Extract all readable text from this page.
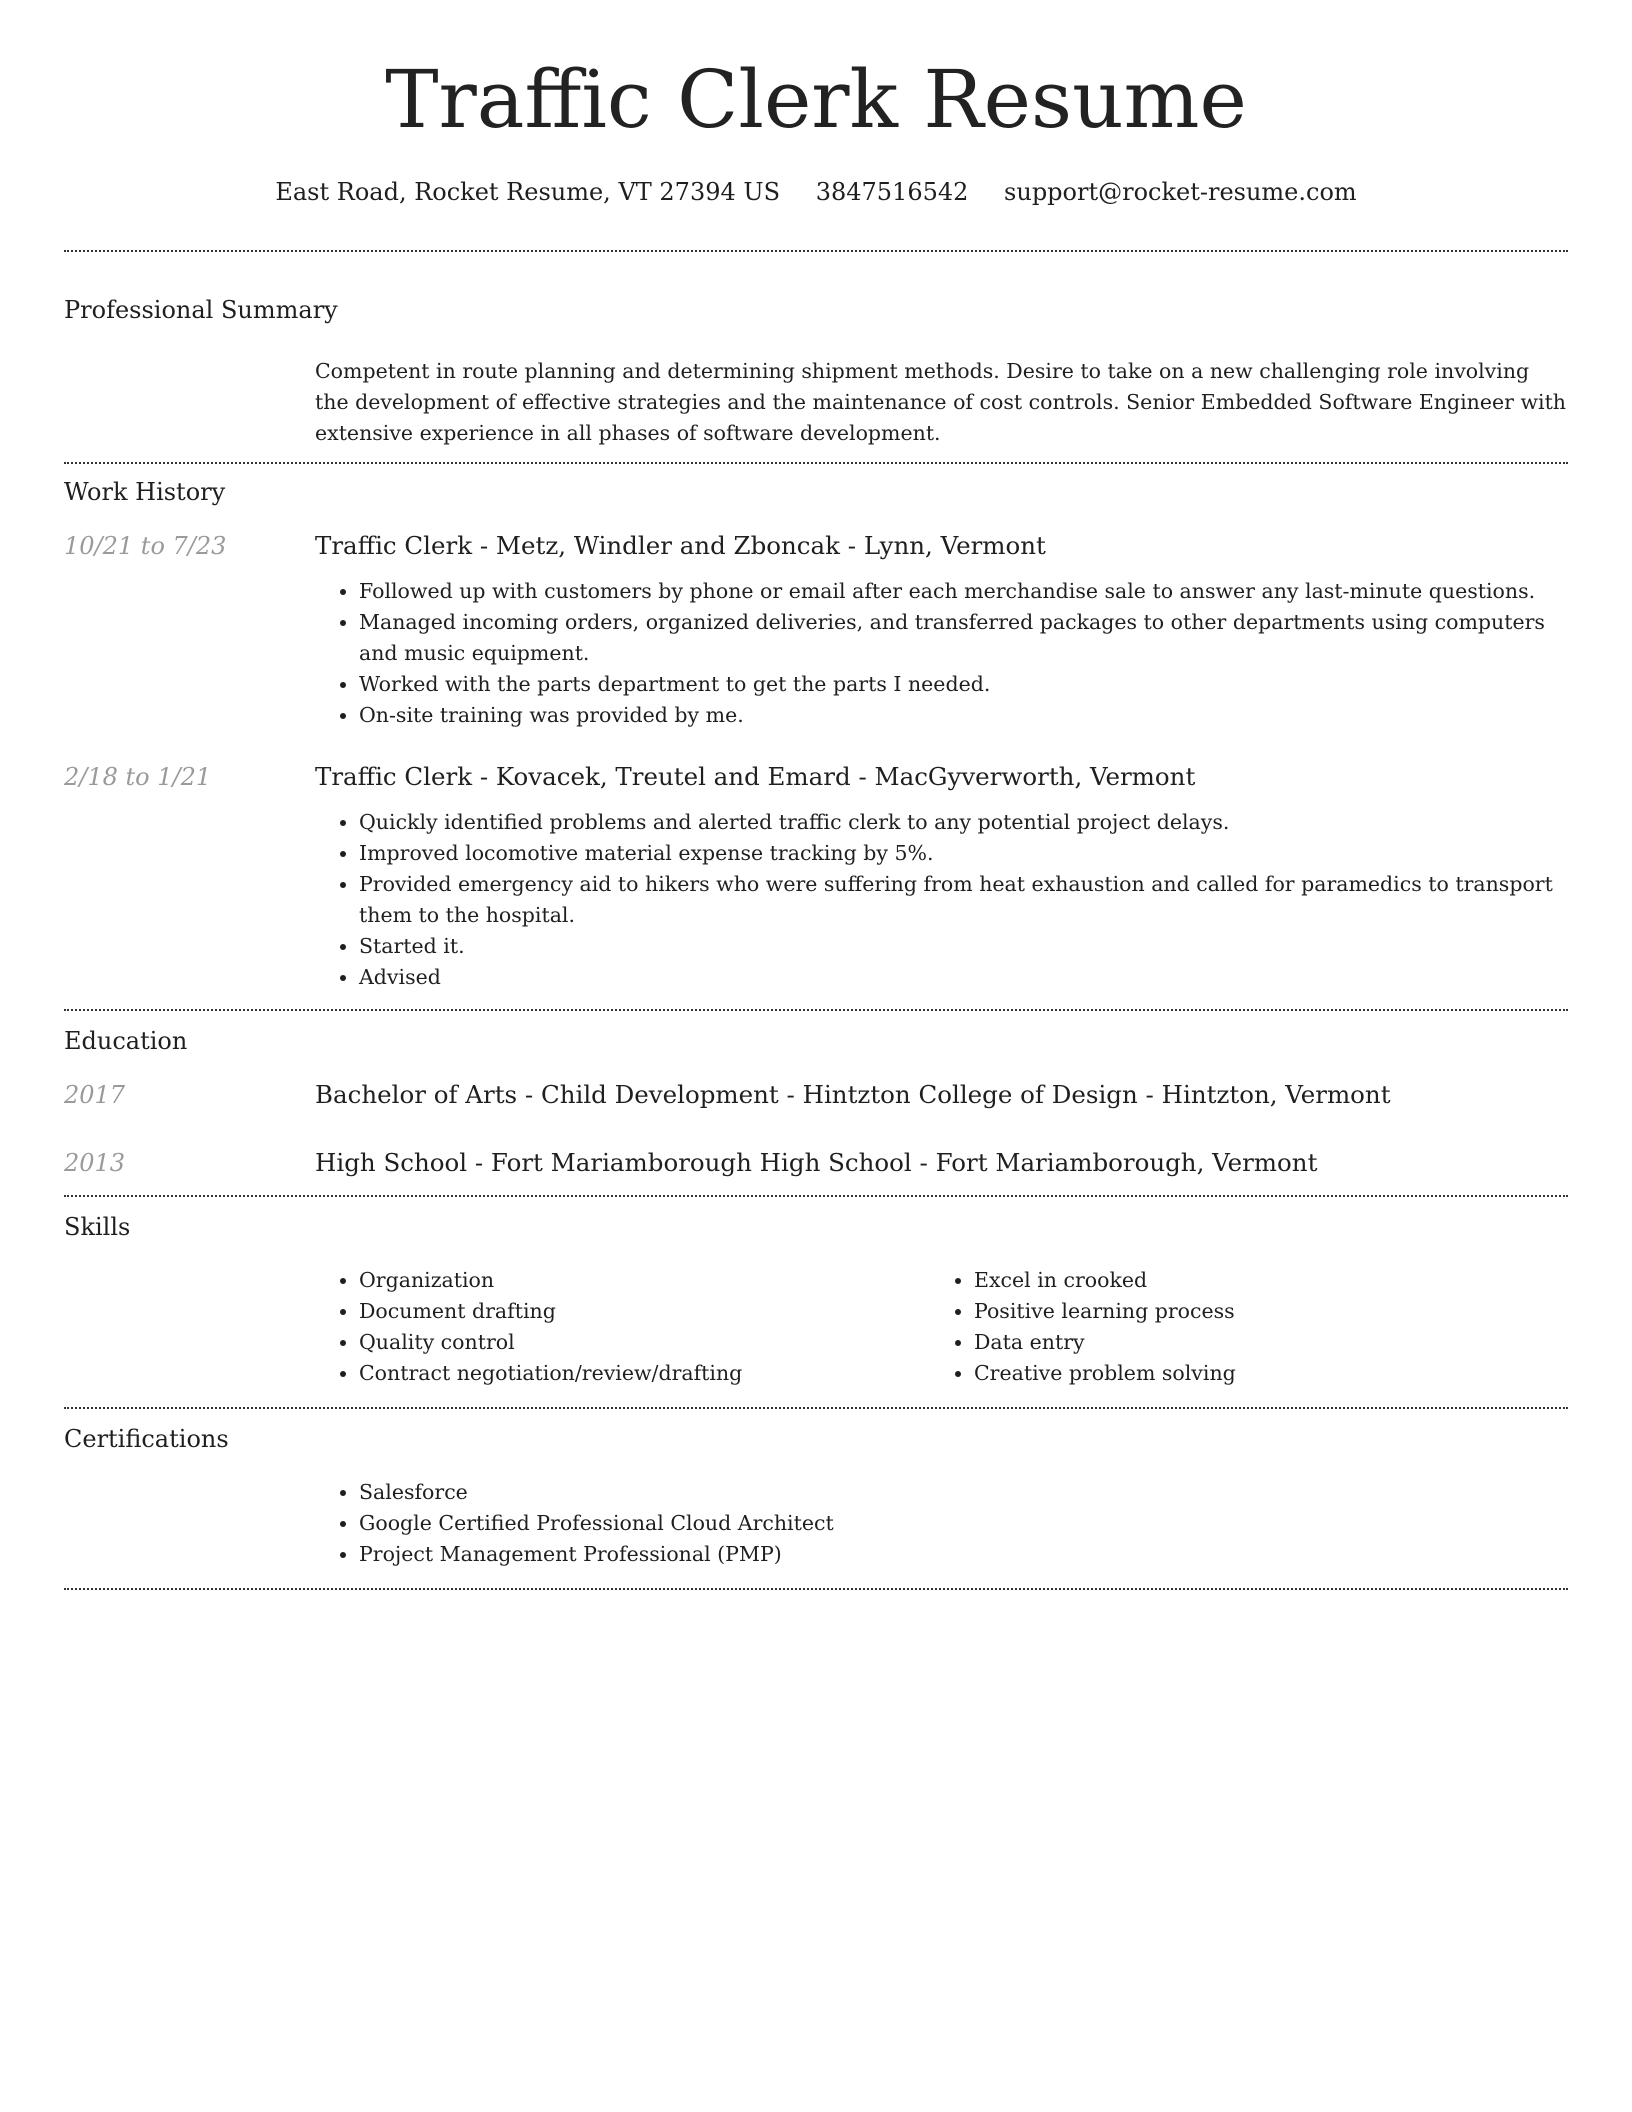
Traffic Clerk Resume
East Road, Rocket Resume, VT 27394 US 3847516542 support@rocket-resume.com
Professional Summary
Competent in route planning and determining shipment methods. Desire to take on a new challenging role involving the development of effective strategies and the maintenance of cost controls. Senior Embedded Software Engineer with extensive experience in all phases of software development.
Work History
10/21 to 7/23	Traffic Clerk - Metz, Windler and Zboncak - Lynn, Vermont
• Followed up with customers by phone or email after each merchandise sale to answer any last-minute questions.
• Managed incoming orders, organized deliveries, and transferred packages to other departments using computers and music equipment.
• Worked with the parts department to get the parts I needed.
• On-site training was provided by me.
2/18 to 1/21	Traffic Clerk - Kovacek, Treutel and Emard - MacGyverworth, Vermont
• Quickly identified problems and alerted traffic clerk to any potential project delays.
• Improved locomotive material expense tracking by 5%.
• Provided emergency aid to hikers who were suffering from heat exhaustion and called for paramedics to transport them to the hospital.
• Started it.
• Advised
Education
2017	Bachelor of Arts - Child Development - Hintzton College of Design - Hintzton, Vermont
2013	High School - Fort Mariamborough High School - Fort Mariamborough, Vermont
Skills
• Organization
• Document drafting
• Quality control
• Contract negotiation/review/drafting
• Excel in crooked
• Positive learning process
• Data entry
• Creative problem solving
Certifications
• Salesforce
• Google Certified Professional Cloud Architect
• Project Management Professional (PMP)
